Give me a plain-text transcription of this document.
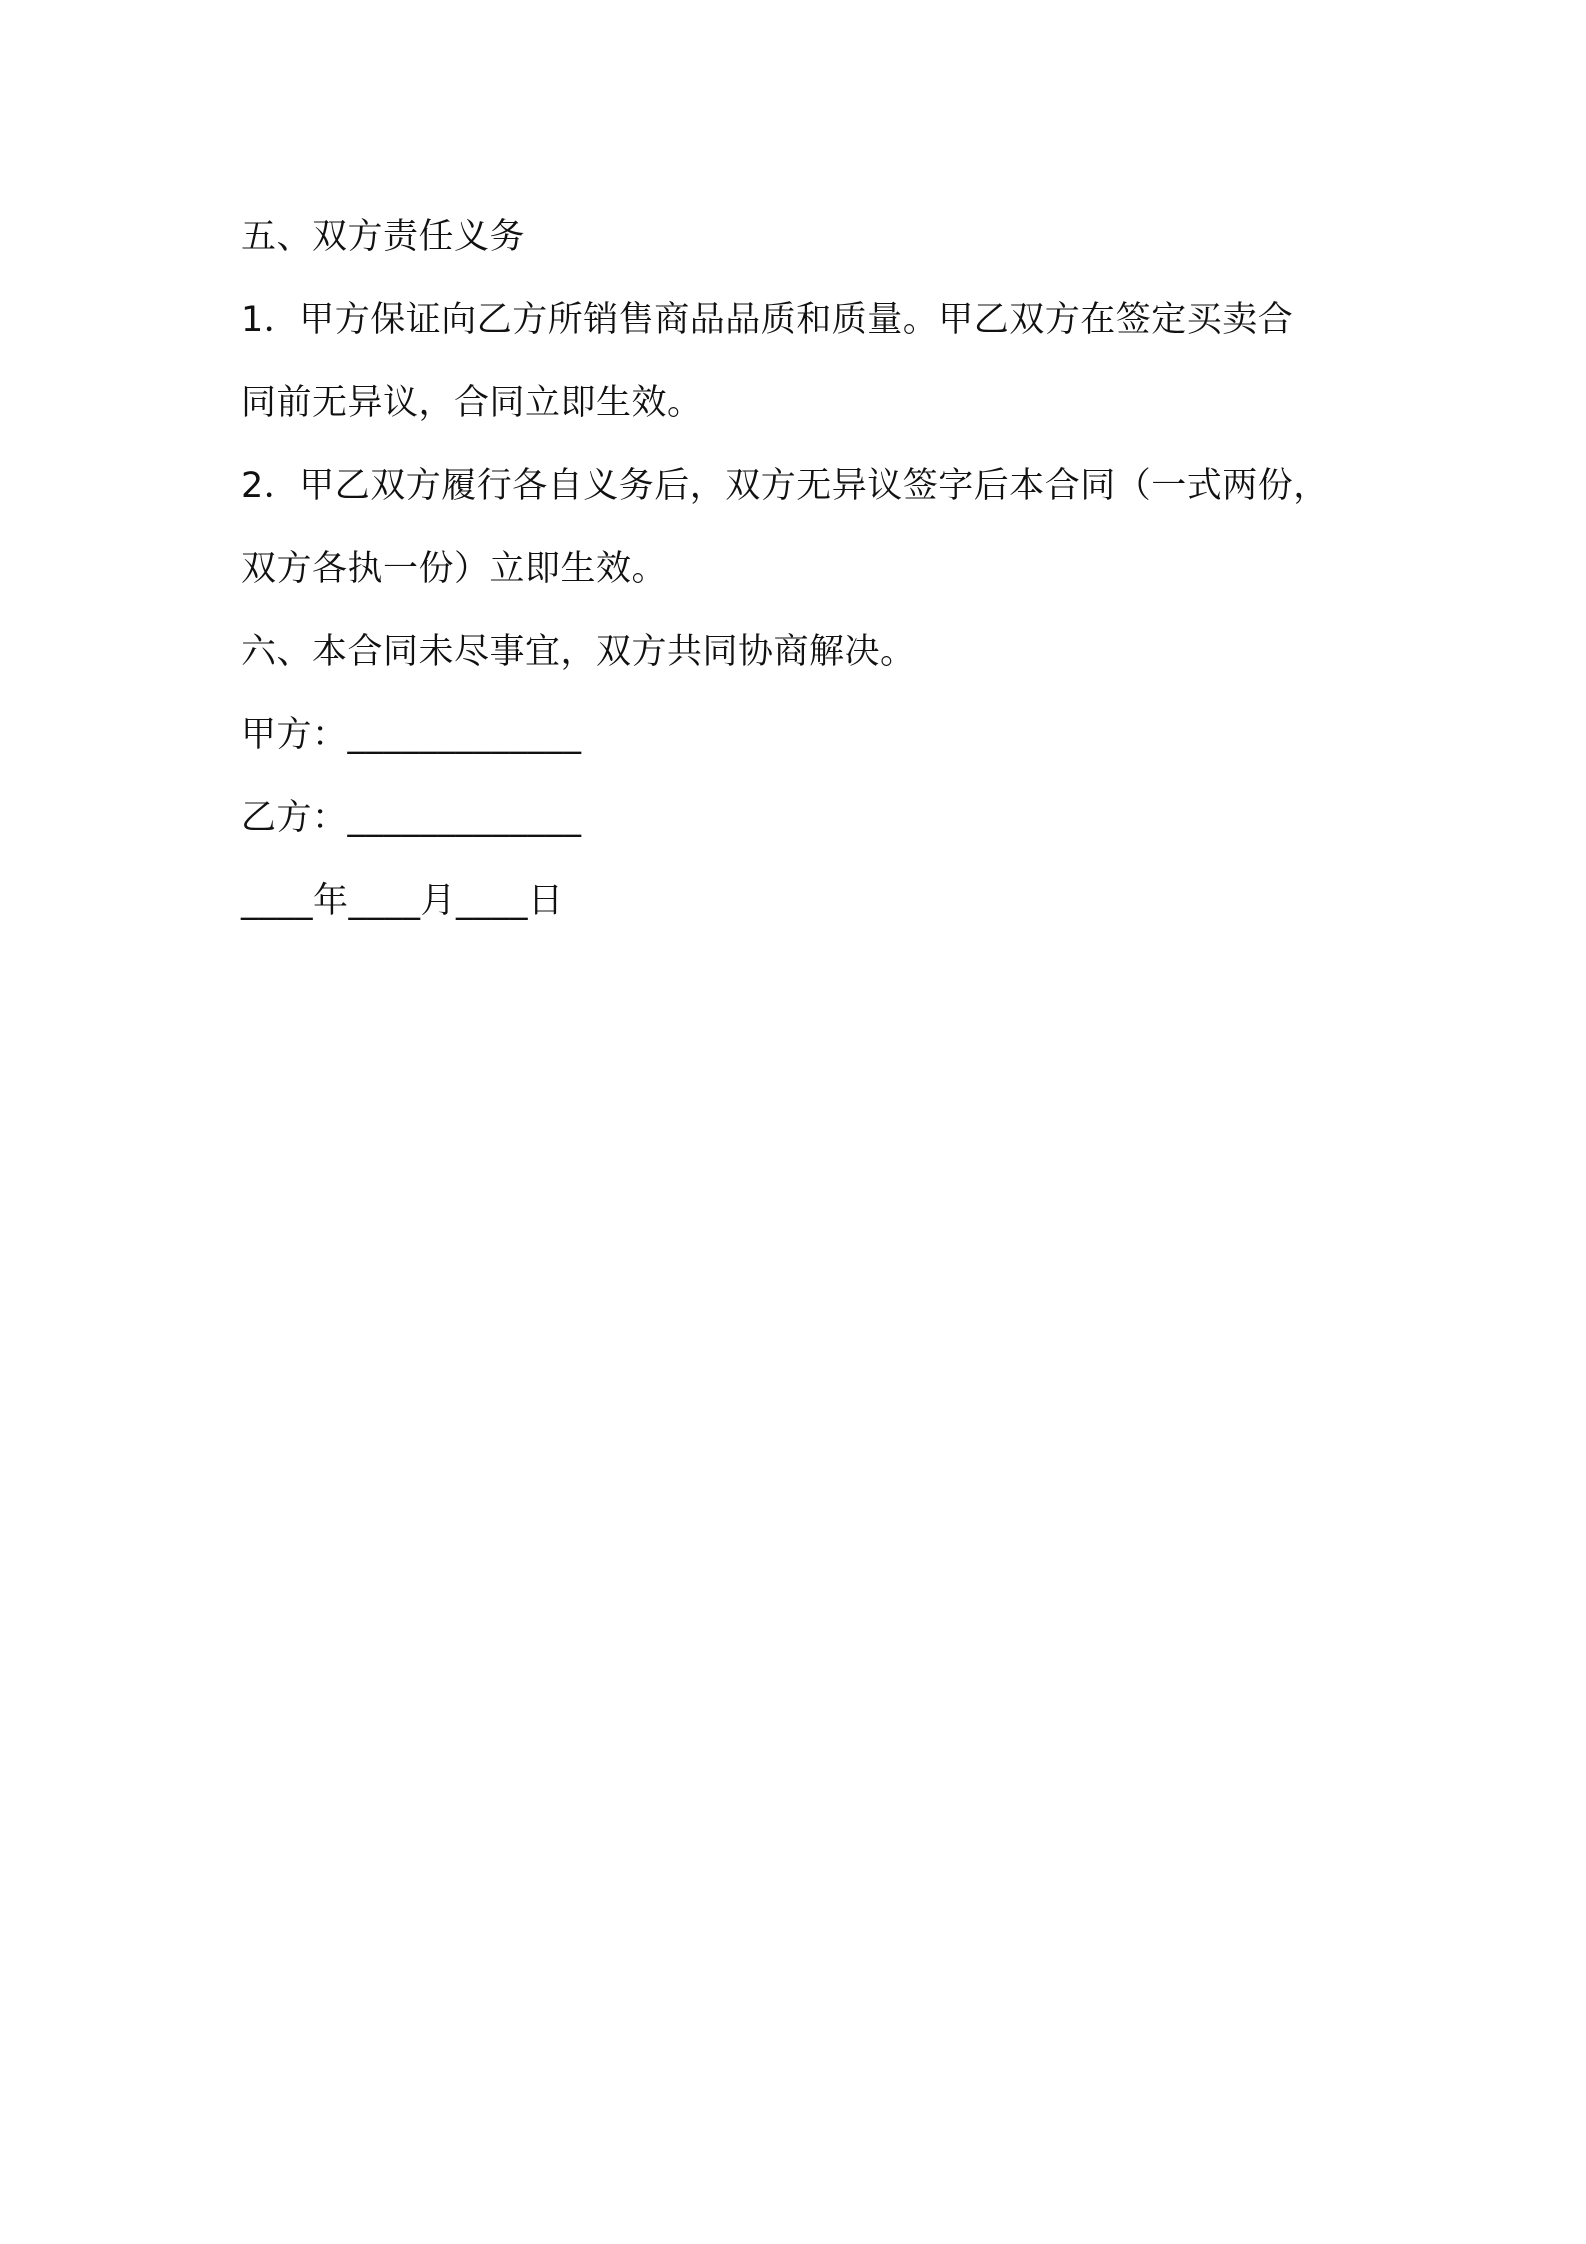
五、双方责任义务
1．甲方保证向乙方所销售商品品质和质量。甲乙双方在签定买卖合
同前无异议，合同立即生效。
2．甲乙双方履行各自义务后，双方无异议签字后本合同（一式两份，
双方各执一份）立即生效。
六、本合同未尽事宜，双方共同协商解决。
甲方：_____________
乙方：_____________
____年____月____日
